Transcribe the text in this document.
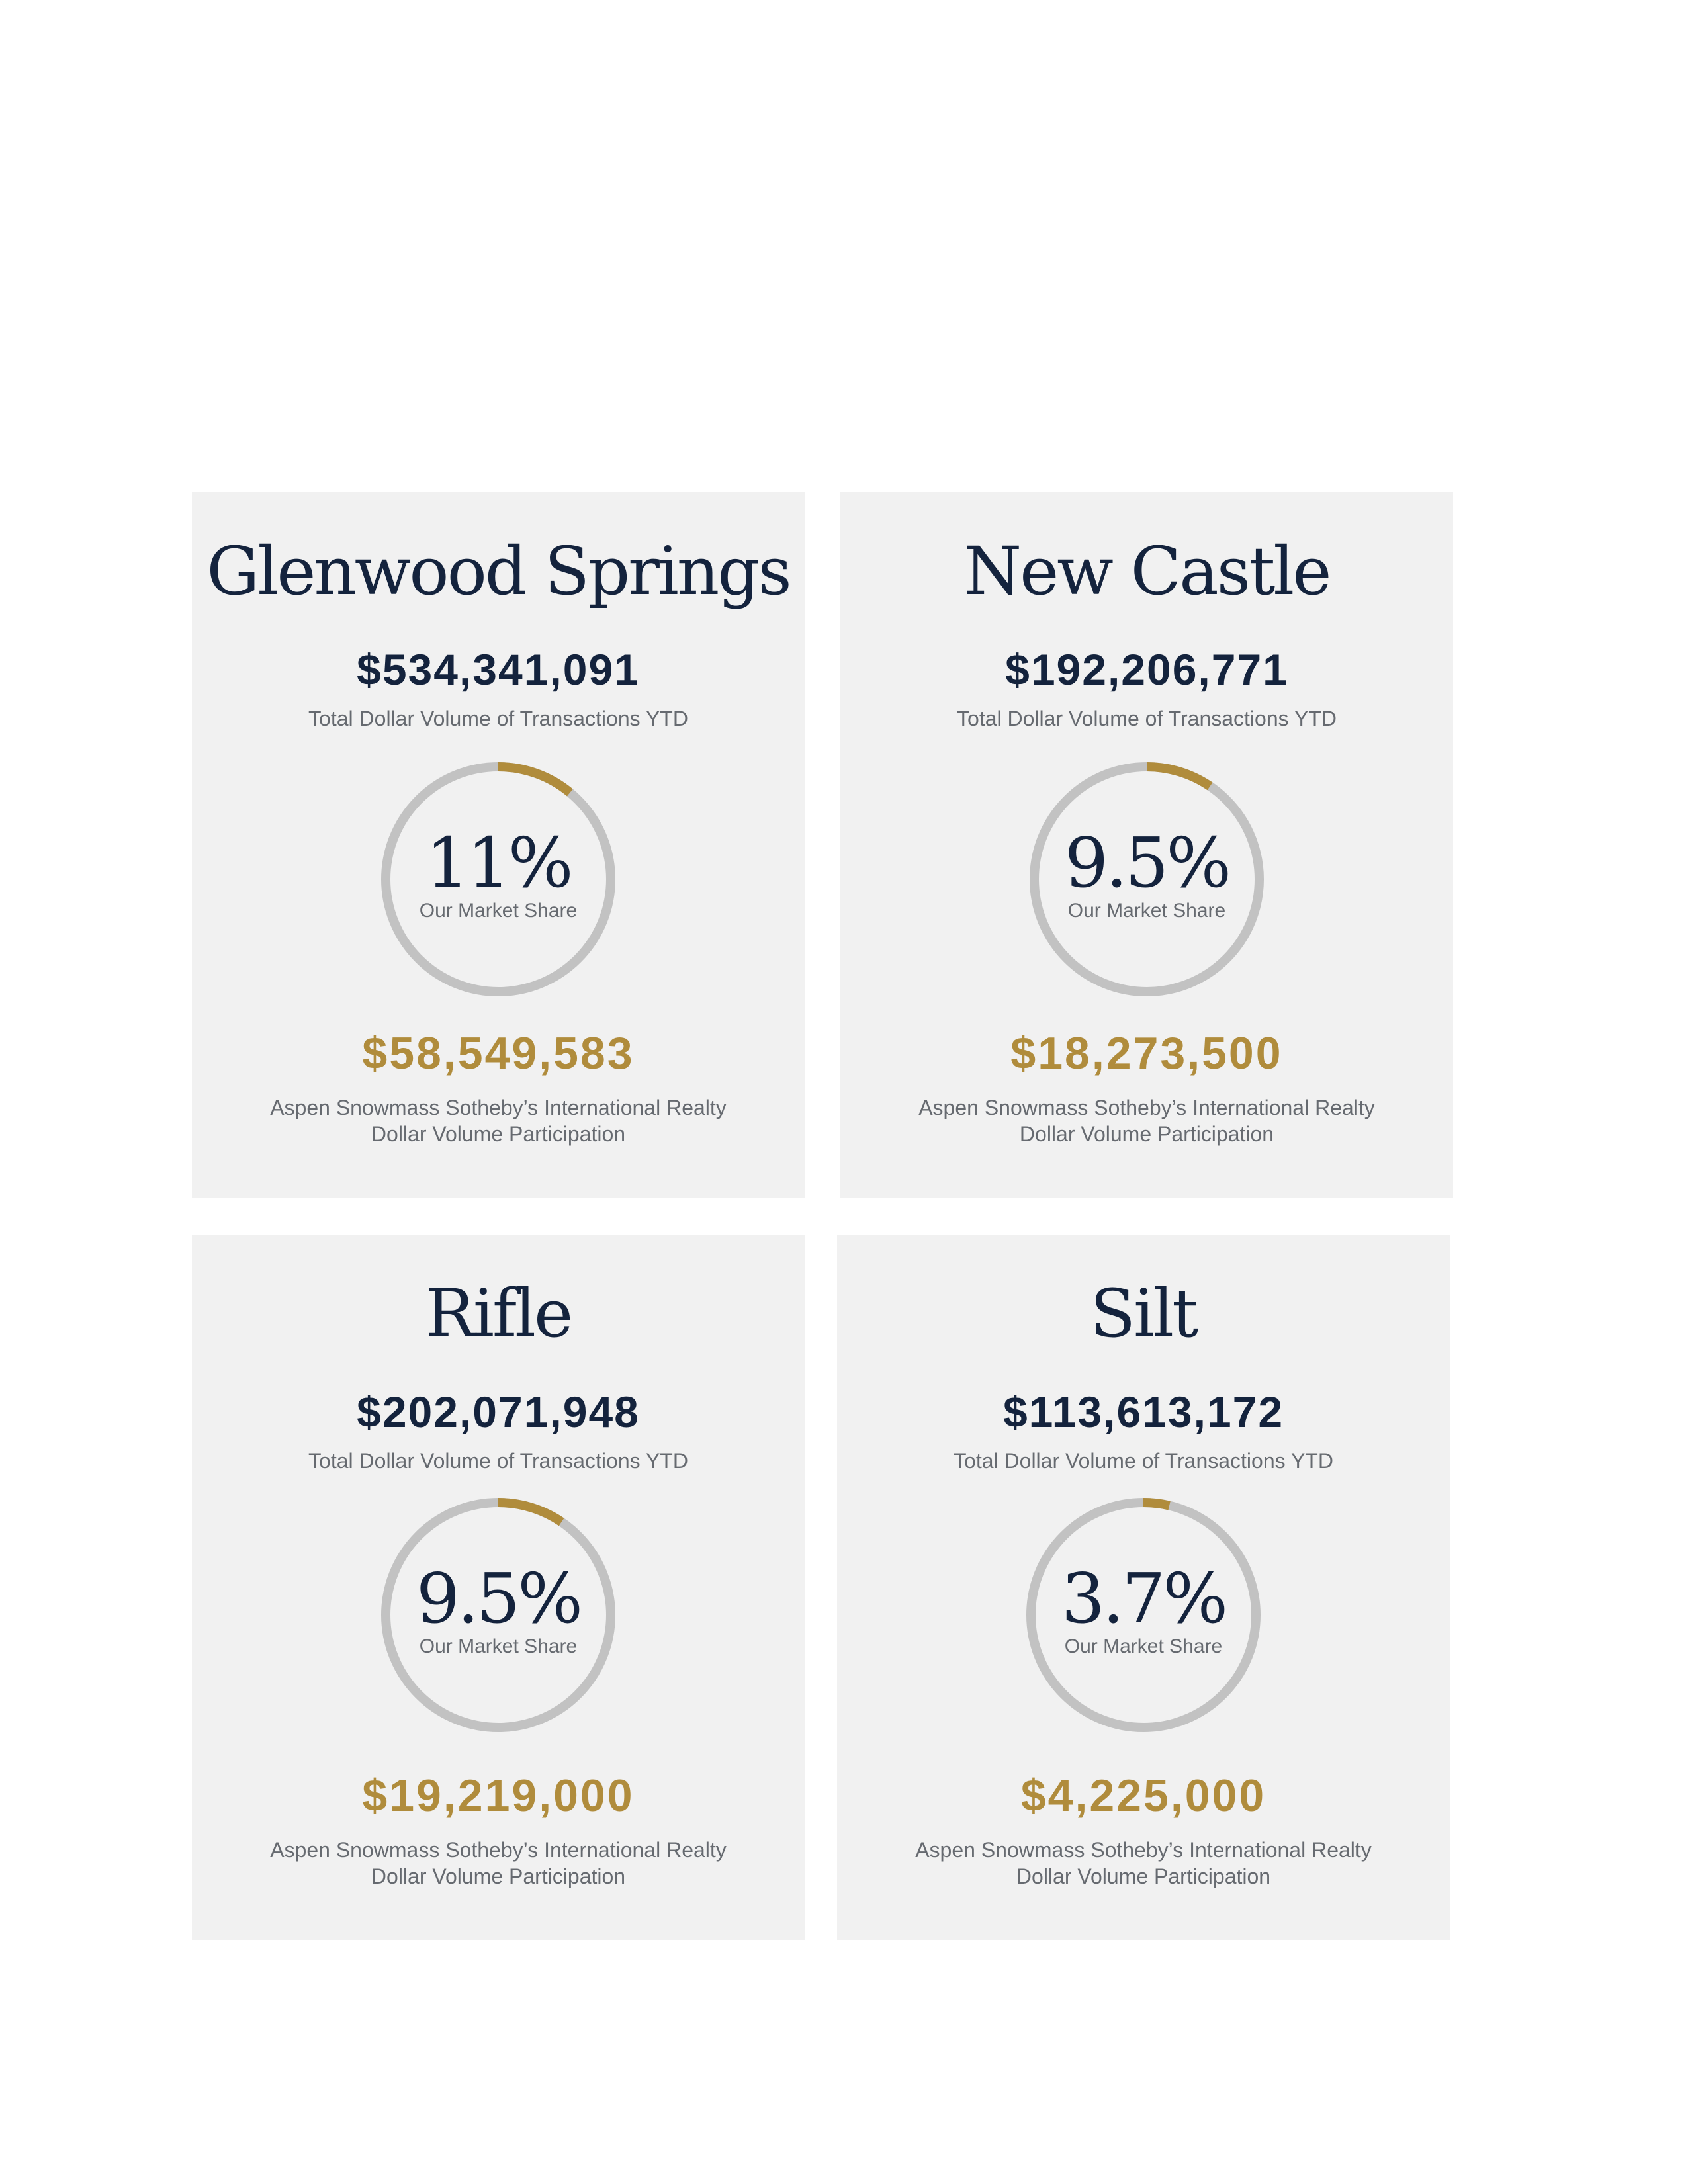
Glenwood Springs
$534,341,091
Total Dollar Volume of Transactions YTD
11%
Our Market Share
$58,549,583
Aspen Snowmass Sotheby’s International Realty
Dollar Volume Participation
New Castle
$192,206,771
Total Dollar Volume of Transactions YTD
9.5%
Our Market Share
$18,273,500
Aspen Snowmass Sotheby’s International Realty
Dollar Volume Participation
Rifle
$202,071,948
Total Dollar Volume of Transactions YTD
9.5%
Our Market Share
$19,219,000
Aspen Snowmass Sotheby’s International Realty
Dollar Volume Participation
Silt
$113,613,172
Total Dollar Volume of Transactions YTD
3.7%
Our Market Share
$4,225,000
Aspen Snowmass Sotheby’s International Realty
Dollar Volume Participation
